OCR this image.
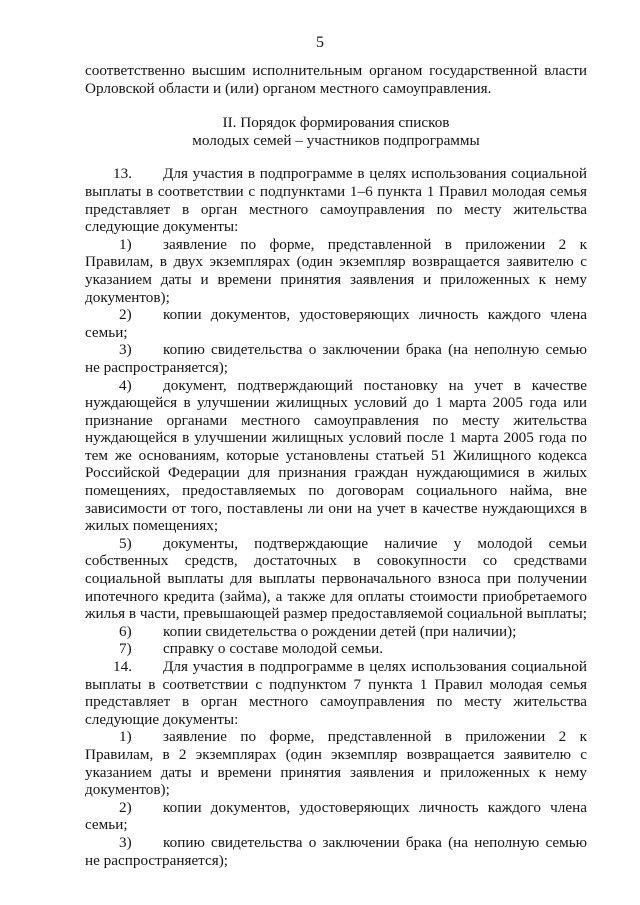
5

соответственно высшим исполнительным органом государственной власти Орловской области и (или) органом местного самоуправления.

II. Порядок формирования списков
молодых семей – участников подпрограммы

13. Для участия в подпрограмме в целях использования социальной выплаты в соответствии с подпунктами 1–6 пункта 1 Правил молодая семья представляет в орган местного самоуправления по месту жительства следующие документы:

1) заявление по форме, представленной в приложении 2 к Правилам, в двух экземплярах (один экземпляр возвращается заявителю с указанием даты и времени принятия заявления и приложенных к нему документов);

2) копии документов, удостоверяющих личность каждого члена семьи;

3) копию свидетельства о заключении брака (на неполную семью не распространяется);

4) документ, подтверждающий постановку на учет в качестве нуждающейся в улучшении жилищных условий до 1 марта 2005 года или признание органами местного самоуправления по месту жительства нуждающейся в улучшении жилищных условий после 1 марта 2005 года по тем же основаниям, которые установлены статьей 51 Жилищного кодекса Российской Федерации для признания граждан нуждающимися в жилых помещениях, предоставляемых по договорам социального найма, вне зависимости от того, поставлены ли они на учет в качестве нуждающихся в жилых помещениях;

5) документы, подтверждающие наличие у молодой семьи собственных средств, достаточных в совокупности со средствами социальной выплаты для выплаты первоначального взноса при получении ипотечного кредита (займа), а также для оплаты стоимости приобретаемого жилья в части, превышающей размер предоставляемой социальной выплаты;

6) копии свидетельства о рождении детей (при наличии);

7) справку о составе молодой семьи.

14. Для участия в подпрограмме в целях использования социальной выплаты в соответствии с подпунктом 7 пункта 1 Правил молодая семья представляет в орган местного самоуправления по месту жительства следующие документы:

1) заявление по форме, представленной в приложении 2 к Правилам, в 2 экземплярах (один экземпляр возвращается заявителю с указанием даты и времени принятия заявления и приложенных к нему документов);

2) копии документов, удостоверяющих личность каждого члена семьи;

3) копию свидетельства о заключении брака (на неполную семью не распространяется);
